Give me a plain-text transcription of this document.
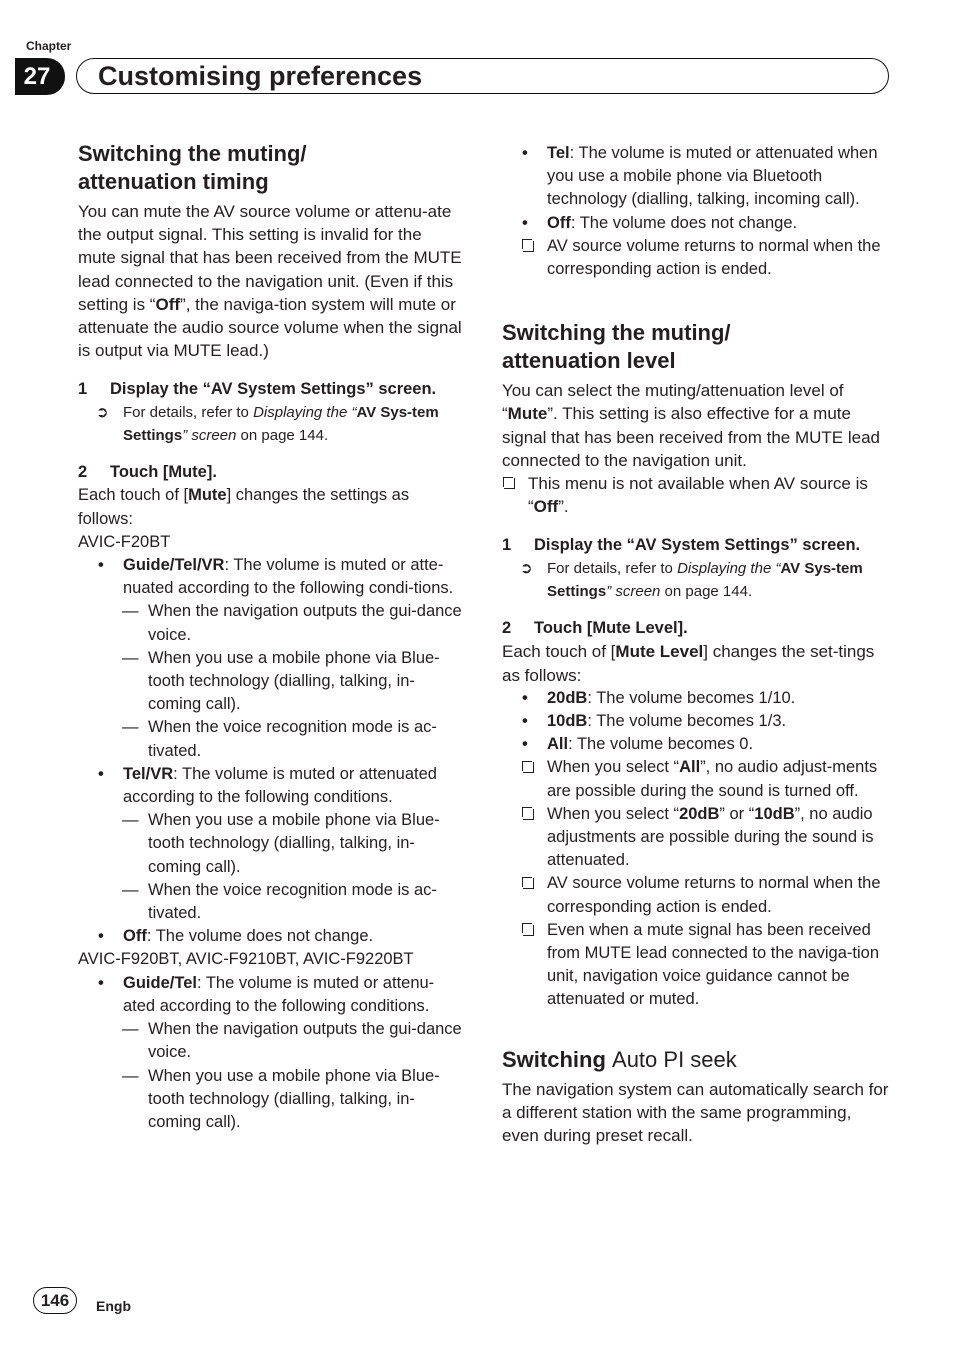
Chapter
27	Customising preferences
Switching the muting/
attenuation timing

You can mute the AV source volume or attenu-ate the output signal. This setting is invalid for the mute signal that has been received from the MUTE lead connected to the navigation unit. (Even if this setting is “Off”, the naviga-tion system will mute or attenuate the audio source volume when the signal is output via MUTE lead.)

1 Display the “AV System Settings” screen.
➲ For details, refer to Displaying the “AV Sys-tem Settings” screen on page 144.
2 Touch [Mute].
Each touch of [Mute] changes the settings as follows:
AVIC-F20BT
• Guide/Tel/VR: The volume is muted or atte-nuated according to the following condi-tions.
— When the navigation outputs the gui-dance voice.
— When you use a mobile phone via Blue-tooth technology (dialling, talking, in-coming call).
— When the voice recognition mode is ac-tivated.
• Tel/VR: The volume is muted or attenuated according to the following conditions.
— When you use a mobile phone via Blue-tooth technology (dialling, talking, in-coming call).
— When the voice recognition mode is ac-tivated.
• Off: The volume does not change.
AVIC-F920BT, AVIC-F9210BT, AVIC-F9220BT
• Guide/Tel: The volume is muted or attenu-ated according to the following conditions.
— When the navigation outputs the gui-dance voice.
— When you use a mobile phone via Blue-tooth technology (dialling, talking, in-coming call).
• Tel: The volume is muted or attenuated when you use a mobile phone via Bluetooth technology (dialling, talking, incoming call).
• Off: The volume does not change.
AV source volume returns to normal when the corresponding action is ended.
Switching the muting/
attenuation level

You can select the muting/attenuation level of “Mute”. This setting is also effective for a mute signal that has been received from the MUTE lead connected to the navigation unit.

This menu is not available when AV source is “Off”.
1 Display the “AV System Settings” screen.
➲ For details, refer to Displaying the “AV Sys-tem Settings” screen on page 144.
2 Touch [Mute Level].
Each touch of [Mute Level] changes the set-tings as follows:
• 20dB: The volume becomes 1/10.
• 10dB: The volume becomes 1/3.
• All: The volume becomes 0.
When you select “All”, no audio adjust-ments are possible during the sound is turned off.
When you select “20dB” or “10dB”, no audio adjustments are possible during the sound is attenuated.
AV source volume returns to normal when the corresponding action is ended.
Even when a mute signal has been received from MUTE lead connected to the naviga-tion unit, navigation voice guidance cannot be attenuated or muted.
Switching Auto PI seek

The navigation system can automatically search for a different station with the same programming, even during preset recall.

146	Engb
